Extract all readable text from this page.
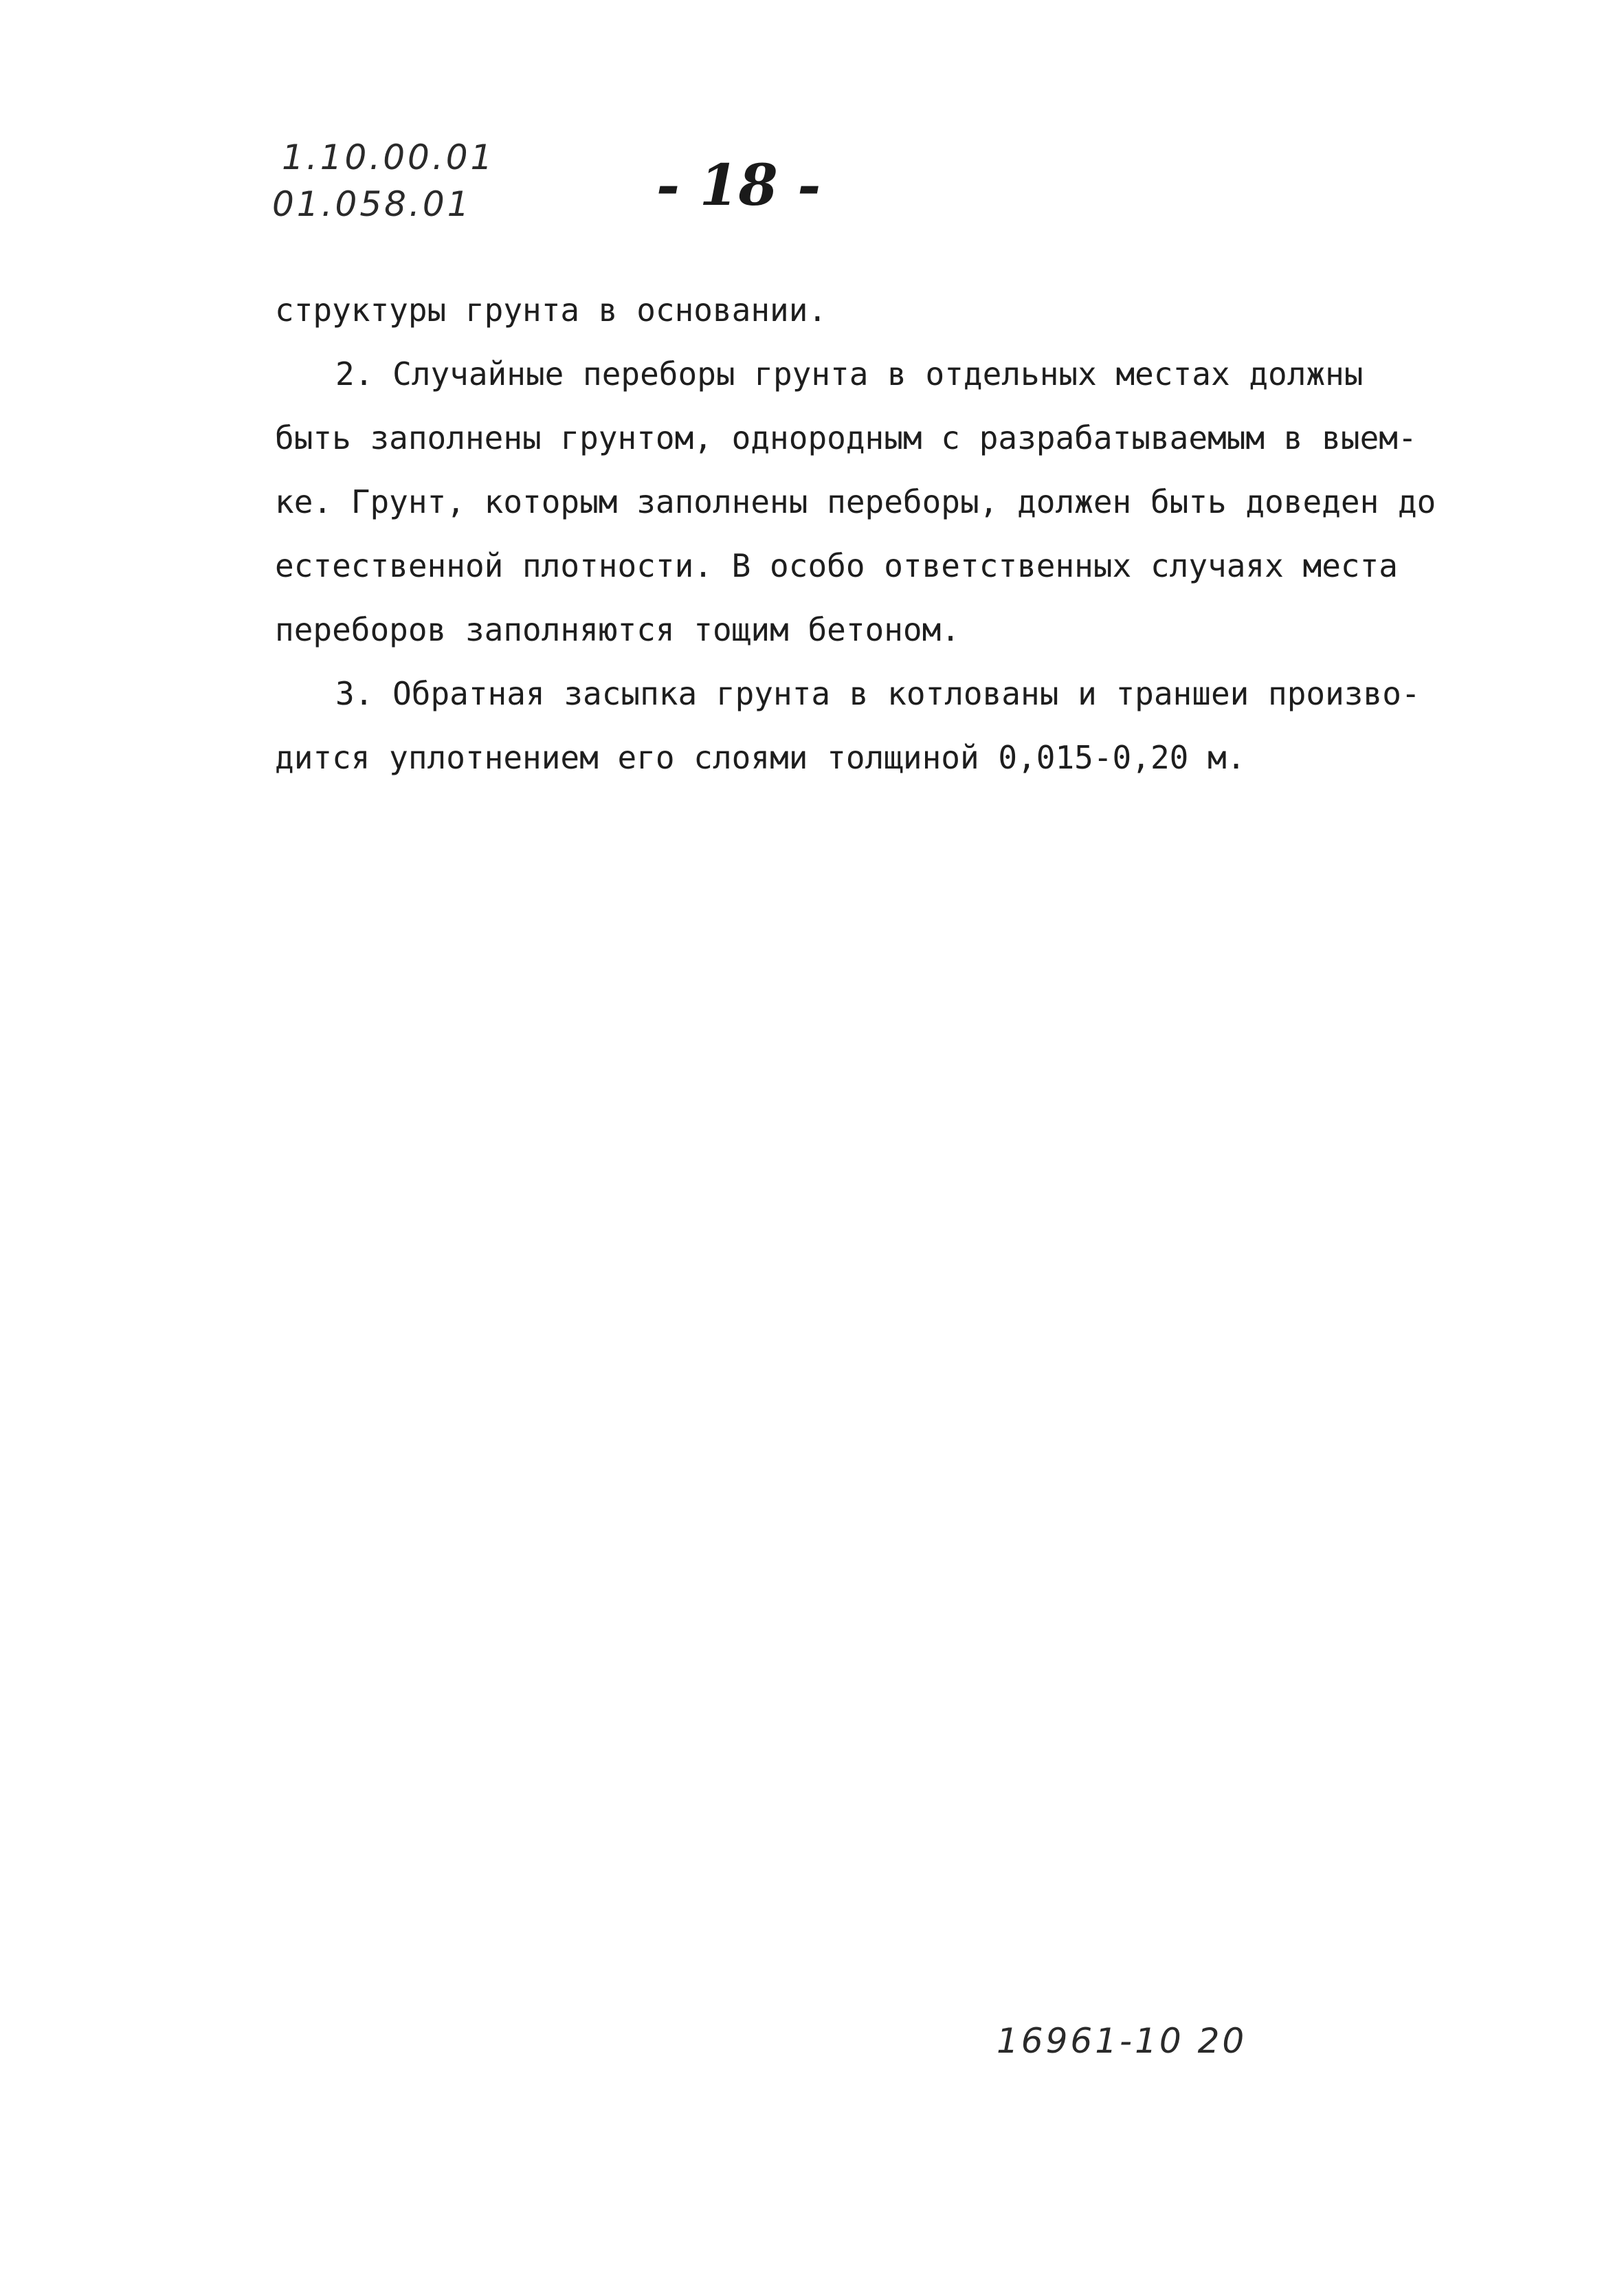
1.10.00.01
01.058.01	- 18 -
структуры грунта в основании.
2. Случайные переборы грунта в отдельных местах должны
быть заполнены грунтом, однородным с разрабатываемым в выем-
ке. Грунт, которым заполнены переборы, должен быть доведен до
естественной плотности. В особо ответственных случаях места
переборов заполняются тощим бетоном.
3. Обратная засыпка грунта в котлованы и траншеи произво-
дится уплотнением его слоями толщиной 0,015-0,20 м.
16961-10 20
